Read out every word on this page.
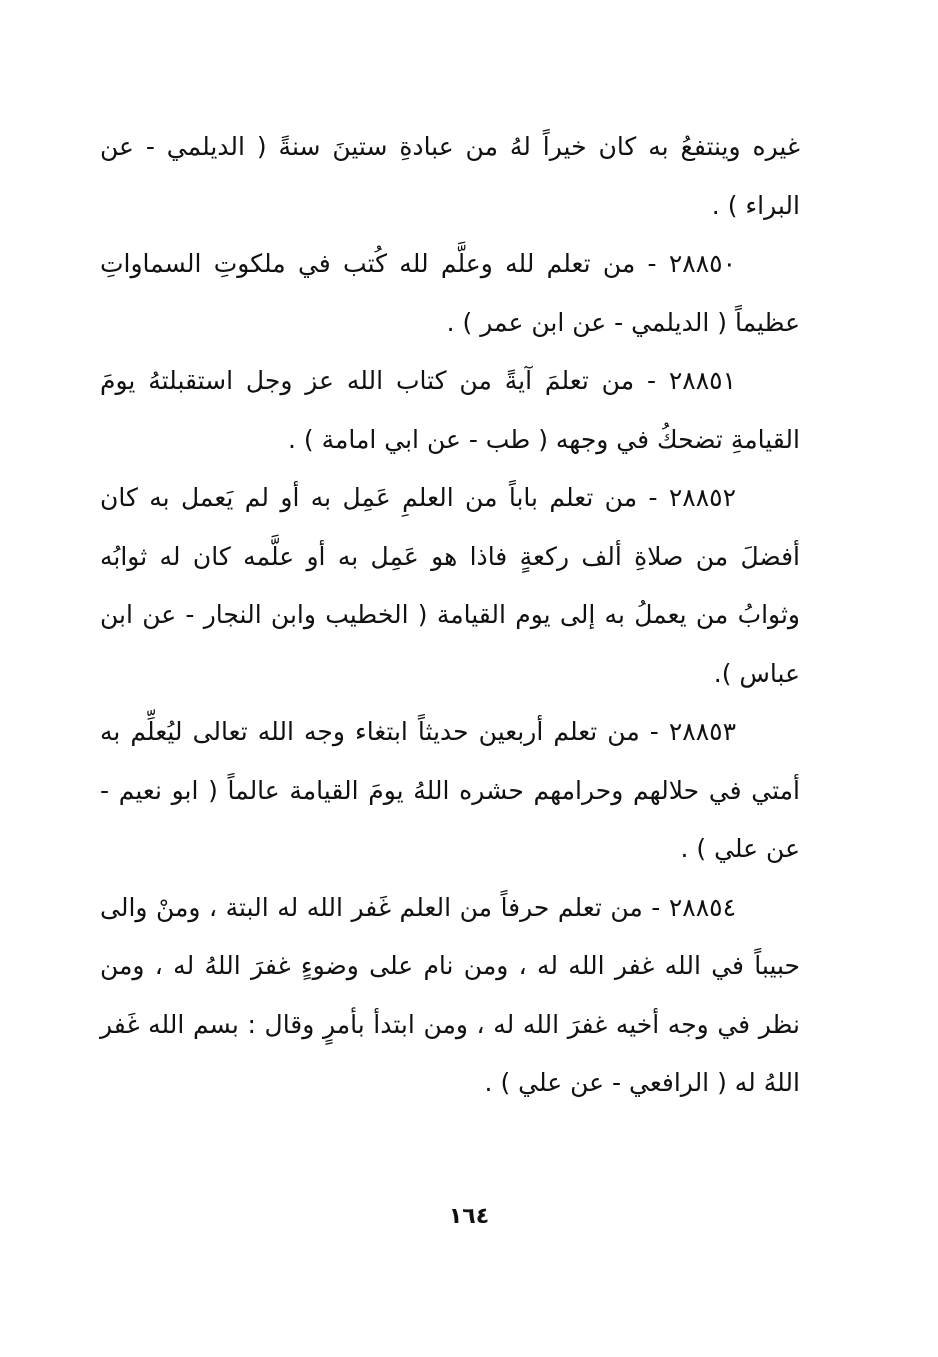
غيره وينتفعُ به كان خيراً لهُ من عبادةِ ستينَ سنةً ( الديلمي - عن البراء ) .

٢٨٨٥٠ - من تعلم لله وعلَّم لله كُتب في ملكوتِ السماواتِ عظيماً ( الديلمي - عن ابن عمر ) .

٢٨٨٥١ - من تعلمَ آيةً من كتاب الله عز وجل استقبلتهُ يومَ القيامةِ تضحكُ في وجهه ( طب - عن ابي امامة ) .

٢٨٨٥٢ - من تعلم باباً من العلمِ عَمِل به أو لم يَعمل به كان أفضلَ من صلاةِ ألف ركعةٍ فاذا هو عَمِل به أو علَّمه كان له ثوابُه وثوابُ من يعملُ به إلى يوم القيامة ( الخطيب وابن النجار - عن ابن عباس ).

٢٨٨٥٣ - من تعلم أربعين حديثاً ابتغاء وجه الله تعالى ليُعلِّم به أمتي في حلالهم وحرامهم حشره اللهُ يومَ القيامة عالماً ( ابو نعيم - عن علي ) .

٢٨٨٥٤ - من تعلم حرفاً من العلم غَفر الله له البتة ، ومنْ والى حبيباً في الله غفر الله له ، ومن نام على وضوءٍ غفرَ اللهُ له ، ومن نظر في وجه أخيه غفرَ الله له ، ومن ابتدأ بأمرٍ وقال : بسم الله غَفر اللهُ له ( الرافعي - عن علي ) .

١٦٤
